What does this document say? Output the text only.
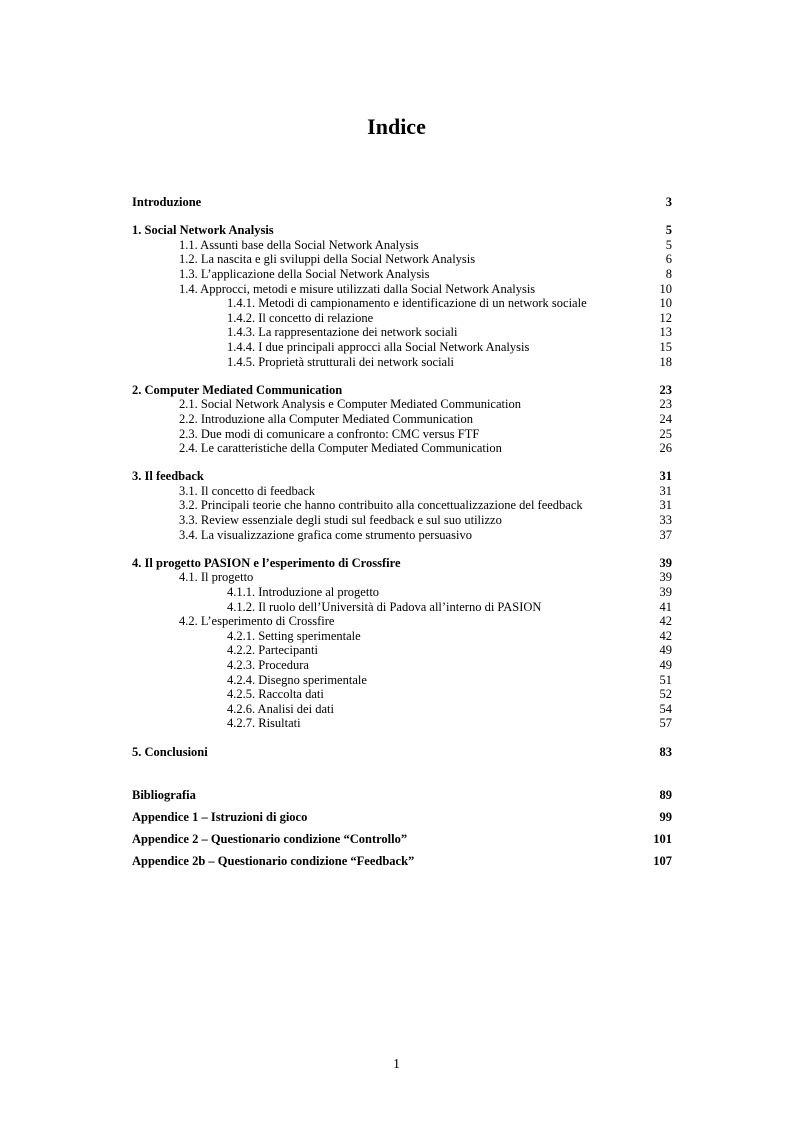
Indice
Introduzione	3
1. Social Network Analysis	5
1.1. Assunti base della Social Network Analysis	5
1.2. La nascita e gli sviluppi della Social Network Analysis	6
1.3. L’applicazione della Social Network Analysis	8
1.4. Approcci, metodi e misure utilizzati dalla Social Network Analysis	10
1.4.1. Metodi di campionamento e identificazione di un network sociale	10
1.4.2. Il concetto di relazione	12
1.4.3. La rappresentazione dei network sociali	13
1.4.4. I due principali approcci alla Social Network Analysis	15
1.4.5. Proprietà strutturali dei network sociali	18
2. Computer Mediated Communication	23
2.1. Social Network Analysis e Computer Mediated Communication	23
2.2. Introduzione alla Computer Mediated Communication	24
2.3. Due modi di comunicare a confronto: CMC versus FTF	25
2.4. Le caratteristiche della Computer Mediated Communication	26
3. Il feedback	31
3.1. Il concetto di feedback	31
3.2. Principali teorie che hanno contribuito alla concettualizzazione del feedback	31
3.3. Review essenziale degli studi sul feedback e sul suo utilizzo	33
3.4. La visualizzazione grafica come strumento persuasivo	37
4. Il progetto PASION e l’esperimento di Crossfire	39
4.1. Il progetto	39
4.1.1. Introduzione al progetto	39
4.1.2. Il ruolo dell’Università di Padova all’interno di PASION	41
4.2. L’esperimento di Crossfire	42
4.2.1. Setting sperimentale	42
4.2.2. Partecipanti	49
4.2.3. Procedura	49
4.2.4. Disegno sperimentale	51
4.2.5. Raccolta dati	52
4.2.6. Analisi dei dati	54
4.2.7. Risultati	57
5. Conclusioni	83
Bibliografia	89
Appendice 1 – Istruzioni di gioco	99
Appendice 2 – Questionario condizione “Controllo”	101
Appendice 2b – Questionario condizione “Feedback”	107
1
